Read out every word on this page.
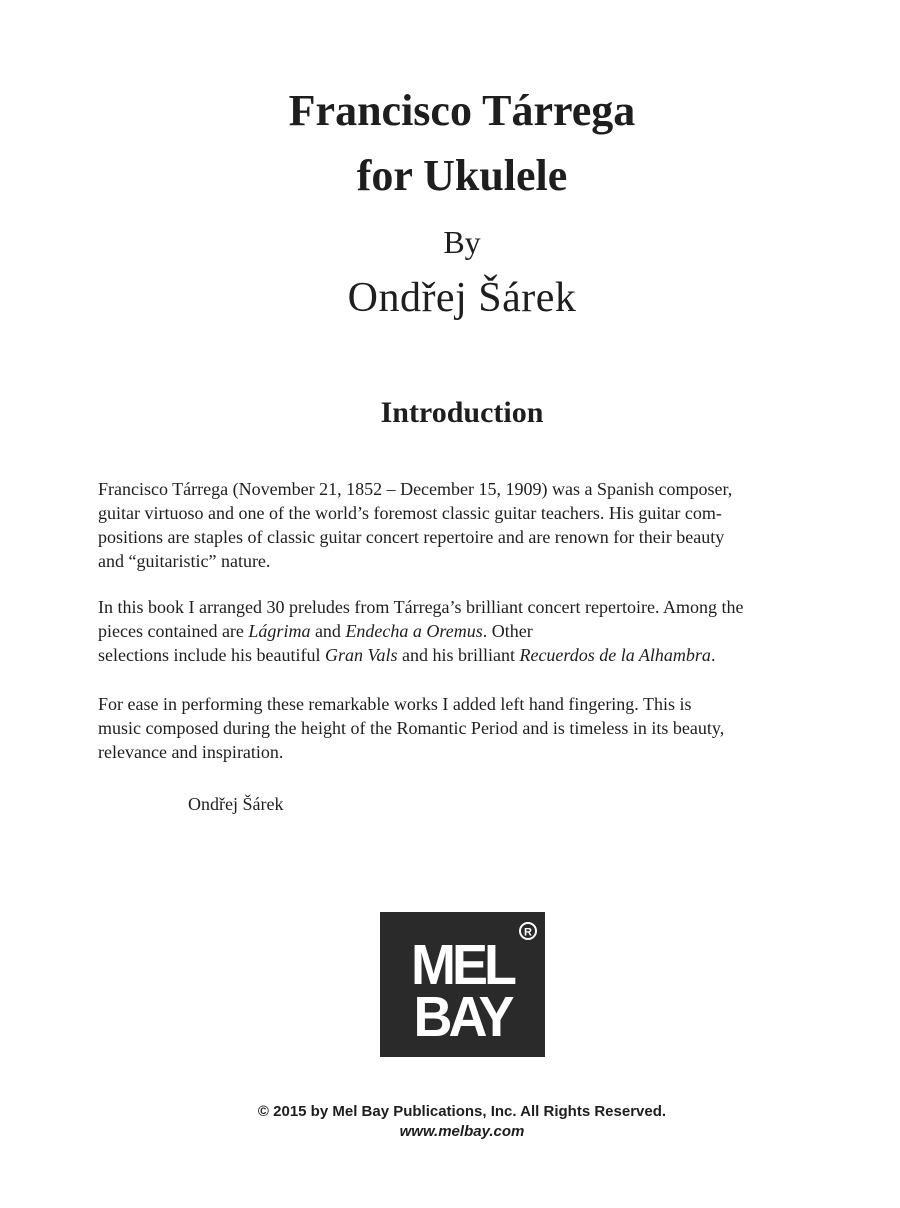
Francisco Tárrega
for Ukulele
By
Ondřej Šárek
Introduction

Francisco Tárrega (November 21, 1852 – December 15, 1909) was a Spanish composer,
guitar virtuoso and one of the world’s foremost classic guitar teachers. His guitar com-
positions are staples of classic guitar concert repertoire and are renown for their beauty
and “guitaristic” nature.

In this book I arranged 30 preludes from Tárrega’s brilliant concert repertoire. Among the
pieces contained are Lágrima and Endecha a Oremus. Other
selections include his beautiful Gran Vals and his brilliant Recuerdos de la Alhambra.

For ease in performing these remarkable works I added left hand fingering. This is
music composed during the height of the Romantic Period and is timeless in its beauty,
relevance and inspiration.

Ondřej Šárek
R
MEL
BAY
© 2015 by Mel Bay Publications, Inc. All Rights Reserved.
www.melbay.com
